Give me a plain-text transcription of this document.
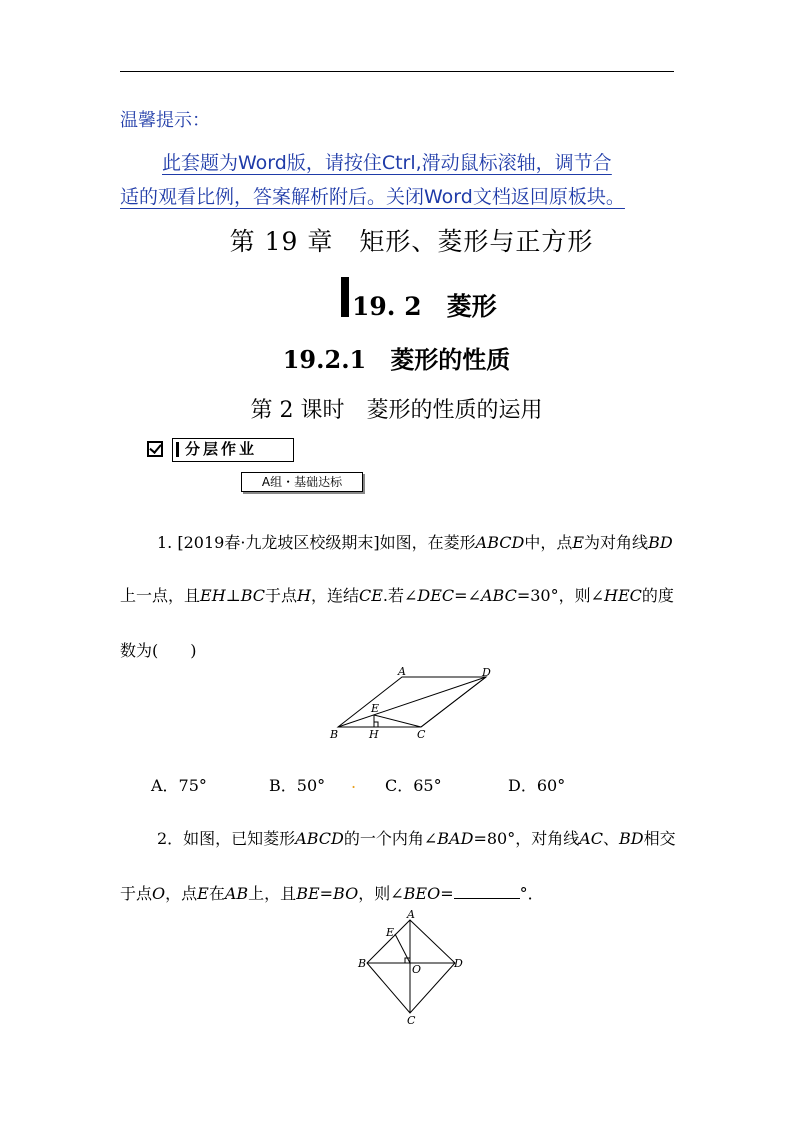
温馨提示：
此套题为Word版，请按住Ctrl,滑动鼠标滚轴，调节合
适的观看比例，答案解析附后。关闭Word文档返回原板块。
第 19 章　矩形、菱形与正方形
19. 2　菱形
19.2.1　菱形的性质
第 2 课时　菱形的性质的运用
分层作业
A组・基础达标
1. [2019春·九龙坡区校级期末]如图，在菱形ABCD中，点E为对角线BD
上一点，且EH⊥BC于点H，连结CE.若∠DEC=∠ABC=30°，则∠HEC的度
数为(　　)
A	D
E
B	H	C
A．75°	B．50° . C．65°	D．60°
2．如图，已知菱形ABCD的一个内角∠BAD=80°，对角线AC、BD相交
于点O，点E在AB上，且BE=BO，则∠BEO=	°．
A
E
B	O	D
C
